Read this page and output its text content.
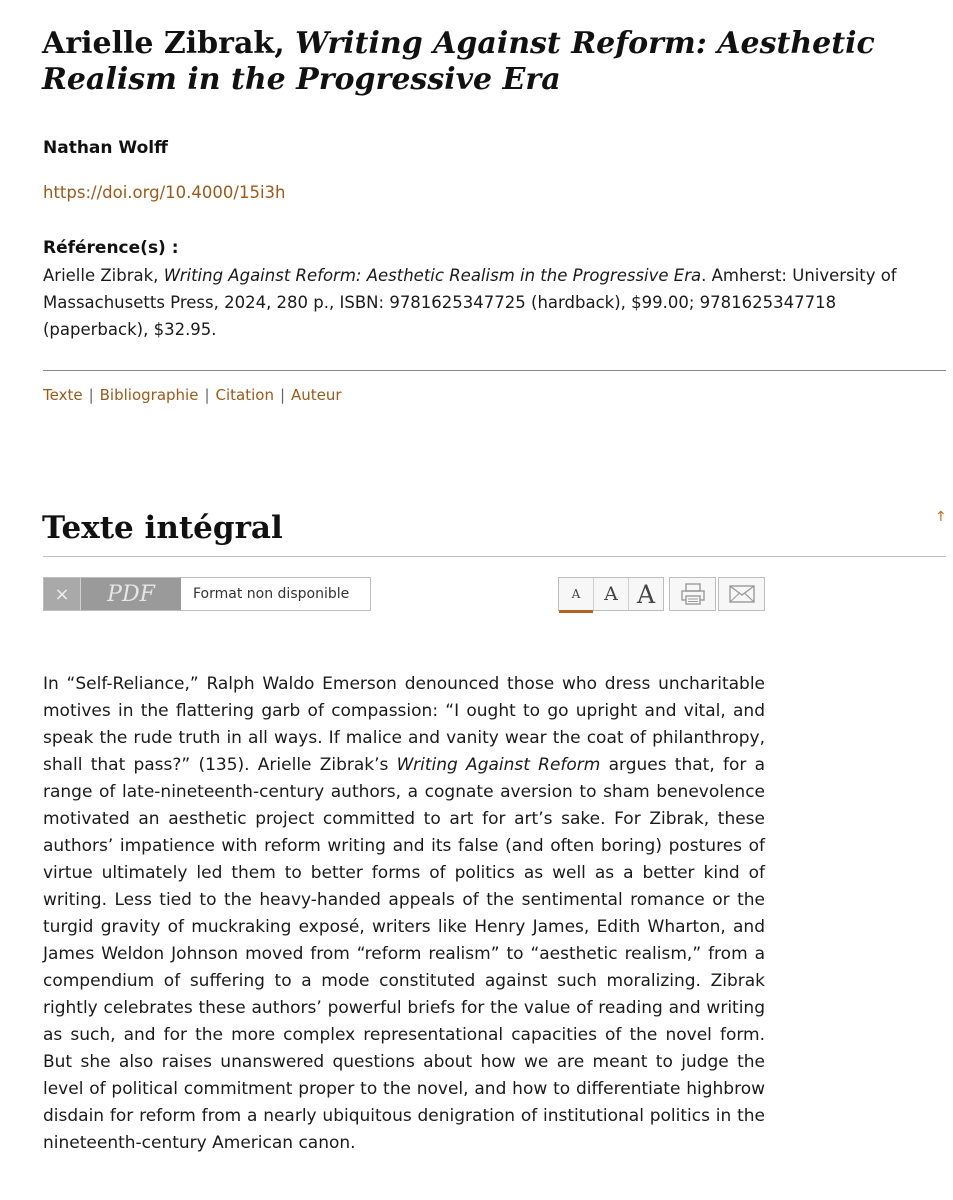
Arielle Zibrak, Writing Against Reform: Aesthetic
Realism in the Progressive Era
Nathan Wolff
https://doi.org/10.4000/15i3h
Référence(s) :
Arielle Zibrak, Writing Against Reform: Aesthetic Realism in the Progressive Era. Amherst: University of Massachusetts Press, 2024, 280 p., ISBN: 9781625347725 (hardback), $99.00; 9781625347718 (paperback), $32.95.
Texte | Bibliographie | Citation | Auteur
↑
Texte intégral
×	PDF	Format non disponible	A	A A

In “Self-Reliance,” Ralph Waldo Emerson denounced those who dress uncharitable motives in the flattering garb of compassion: “I ought to go upright and vital, and speak the rude truth in all ways. If malice and vanity wear the coat of philanthropy, shall that pass?” (135). Arielle Zibrak’s Writing Against Reform argues that, for a range of late-nineteenth-century authors, a cognate aversion to sham benevolence motivated an aesthetic project committed to art for art’s sake. For Zibrak, these authors’ impatience with reform writing and its false (and often boring) postures of virtue ultimately led them to better forms of politics as well as a better kind of writing. Less tied to the heavy-handed appeals of the sentimental romance or the turgid gravity of muckraking exposé, writers like Henry James, Edith Wharton, and James Weldon Johnson moved from “reform realism” to “aesthetic realism,” from a compendium of suffering to a mode constituted against such moralizing. Zibrak rightly celebrates these authors’ powerful briefs for the value of reading and writing as such, and for the more complex representational capacities of the novel form. But she also raises unanswered questions about how we are meant to judge the level of political commitment proper to the novel, and how to differentiate highbrow disdain for reform from a nearly ubiquitous denigration of institutional politics in the nineteenth-century American canon.
